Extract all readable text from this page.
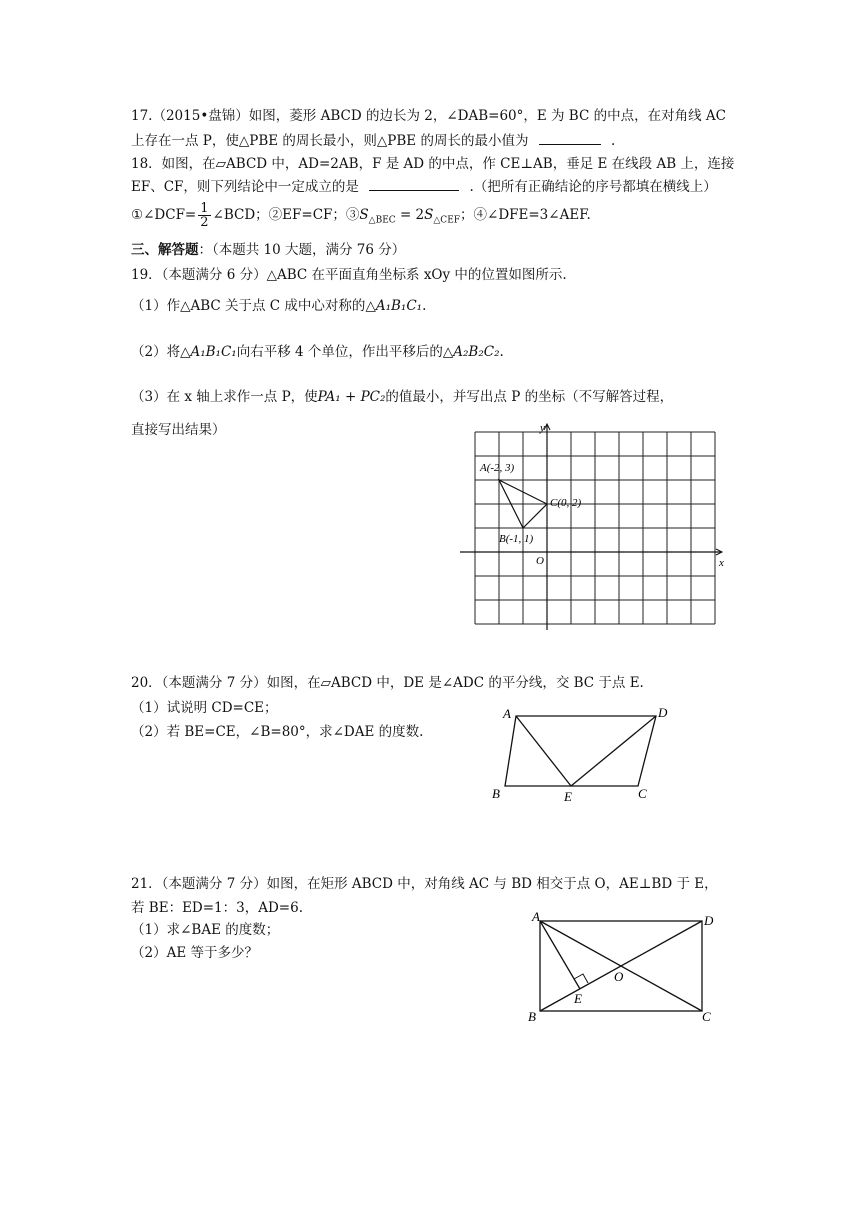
17.（2015•盘锦）如图，菱形 ABCD 的边长为 2，∠DAB=60°，E 为 BC 的中点，在对角线 AC
上存在一点 P，使△PBE 的周长最小，则△PBE 的周长的最小值为	.
18．如图，在▱ABCD 中，AD=2AB，F 是 AD 的中点，作 CE⊥AB，垂足 E 在线段 AB 上，连接
EF、CF，则下列结论中一定成立的是	.（把所有正确结论的序号都填在横线上）
①∠DCF= $\frac{1}{2}$ ∠BCD；②EF=CF；$③S_{\triangle BEC} = 2S_{\triangle CEF}$；④∠DFE=3∠AEF.
三、解答题：（本题共 10 大题，满分 76 分）
19．（本题满分 6 分）△ABC 在平面直角坐标系 xOy 中的位置如图所示.
（1）作△ABC 关于点 C 成中心对称的△A₁B₁C₁.
（2）将△A₁B₁C₁向右平移 4 个单位，作出平移后的△A₂B₂C₂.
（3）在 x 轴上求作一点 P，使PA₁ + PC₂的值最小，并写出点 P 的坐标（不写解答过程，
直接写出结果）	y
x
O
A(-2, 3)
B(-1, 1)
C(0, 2)
20．（本题满分 7 分）如图，在▱ABCD 中，DE 是∠ADC 的平分线，交 BC 于点 E.
（1）试说明 CD=CE；
（2）若 BE=CE，∠B=80°，求∠DAE 的度数.
A	D
B	E	C
21．（本题满分 7 分）如图，在矩形 ABCD 中，对角线 AC 与 BD 相交于点 O，AE⊥BD 于 E，
若 BE：ED=1：3，AD=6.
（1）求∠BAE 的度数；
（2）AE 等于多少？
A	D
B	C
E
O
